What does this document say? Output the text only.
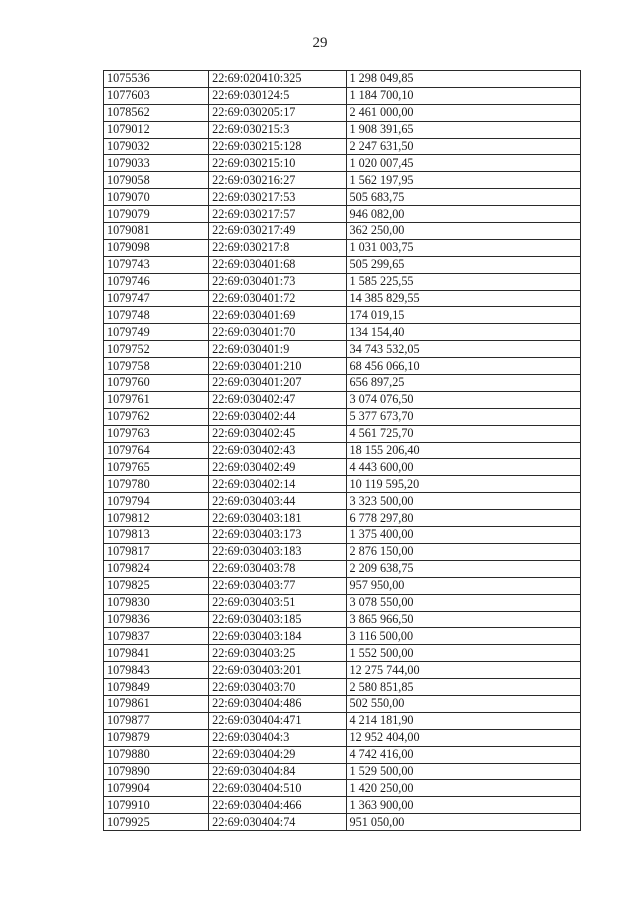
29
1075536	22:69:020410:325	1 298 049,85
1077603	22:69:030124:5	1 184 700,10
1078562	22:69:030205:17	2 461 000,00
1079012	22:69:030215:3	1 908 391,65
1079032	22:69:030215:128	2 247 631,50
1079033	22:69:030215:10	1 020 007,45
1079058	22:69:030216:27	1 562 197,95
1079070	22:69:030217:53	505 683,75
1079079	22:69:030217:57	946 082,00
1079081	22:69:030217:49	362 250,00
1079098	22:69:030217:8	1 031 003,75
1079743	22:69:030401:68	505 299,65
1079746	22:69:030401:73	1 585 225,55
1079747	22:69:030401:72	14 385 829,55
1079748	22:69:030401:69	174 019,15
1079749	22:69:030401:70	134 154,40
1079752	22:69:030401:9	34 743 532,05
1079758	22:69:030401:210	68 456 066,10
1079760	22:69:030401:207	656 897,25
1079761	22:69:030402:47	3 074 076,50
1079762	22:69:030402:44	5 377 673,70
1079763	22:69:030402:45	4 561 725,70
1079764	22:69:030402:43	18 155 206,40
1079765	22:69:030402:49	4 443 600,00
1079780	22:69:030402:14	10 119 595,20
1079794	22:69:030403:44	3 323 500,00
1079812	22:69:030403:181	6 778 297,80
1079813	22:69:030403:173	1 375 400,00
1079817	22:69:030403:183	2 876 150,00
1079824	22:69:030403:78	2 209 638,75
1079825	22:69:030403:77	957 950,00
1079830	22:69:030403:51	3 078 550,00
1079836	22:69:030403:185	3 865 966,50
1079837	22:69:030403:184	3 116 500,00
1079841	22:69:030403:25	1 552 500,00
1079843	22:69:030403:201	12 275 744,00
1079849	22:69:030403:70	2 580 851,85
1079861	22:69:030404:486	502 550,00
1079877	22:69:030404:471	4 214 181,90
1079879	22:69:030404:3	12 952 404,00
1079880	22:69:030404:29	4 742 416,00
1079890	22:69:030404:84	1 529 500,00
1079904	22:69:030404:510	1 420 250,00
1079910	22:69:030404:466	1 363 900,00
1079925	22:69:030404:74	951 050,00
